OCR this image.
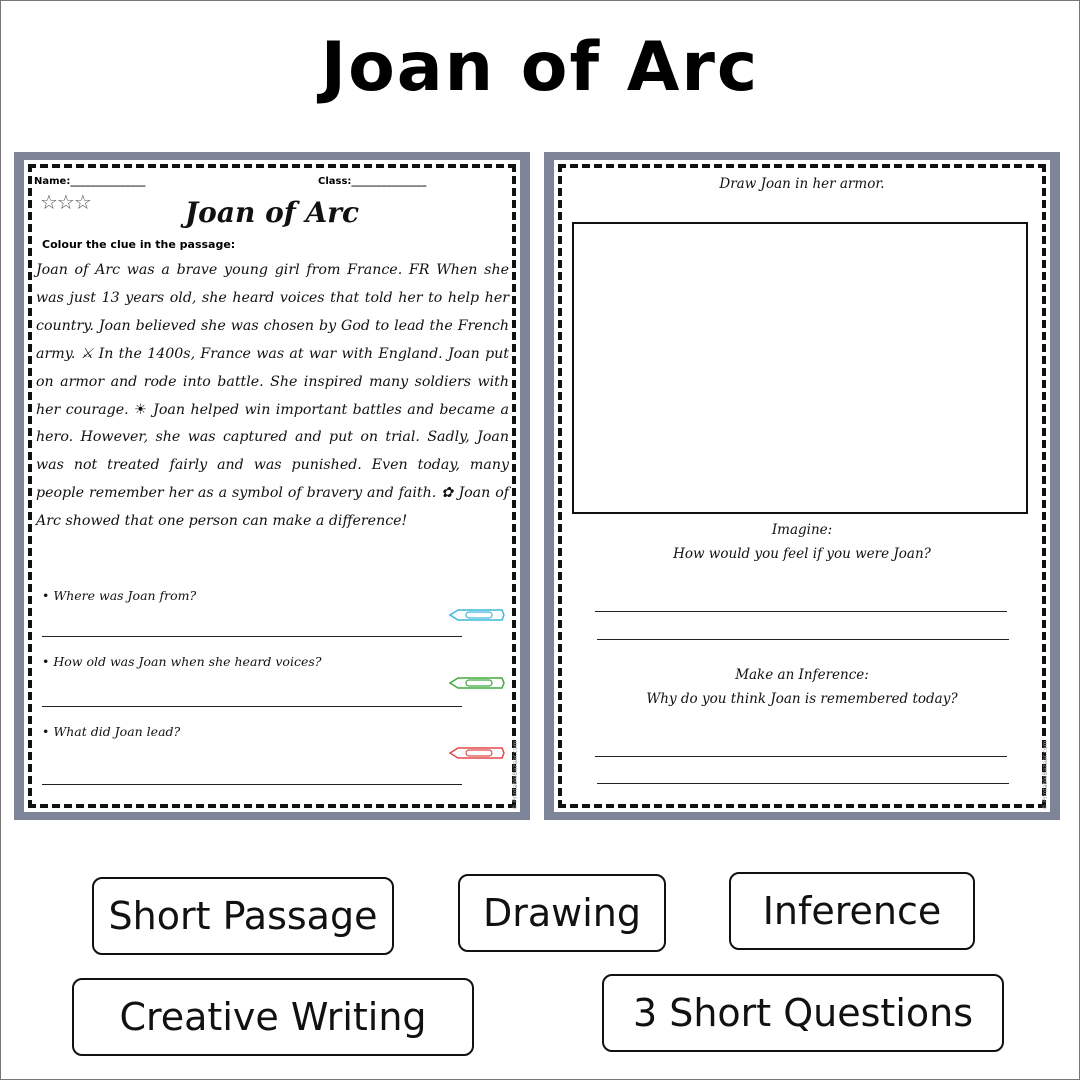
Joan of Arc
Name:_______________	Class:_______________
☆☆☆	Joan of Arc
Colour the clue in the passage:
Joan of Arc was a brave young girl from France. FR When she was just 13 years old, she heard voices that told her to help her country. Joan believed she was chosen by God to lead the French army. ⚔ In the 1400s, France was at war with England. Joan put on armor and rode into battle. She inspired many soldiers with her courage. ☀ Joan helped win important battles and became a hero. However, she was captured and put on trial. Sadly, Joan was not treated fairly and was punished. Even today, many people remember her as a symbol of bravery and faith. ✿ Joan of Arc showed that one person can make a difference!
• Where was Joan from?
• How old was Joan when she heard voices?
• What did Joan lead?
© PrintableBazaar.com
Draw Joan in her armor.
Imagine:
How would you feel if you were Joan?
Make an Inference:
Why do you think Joan is remembered today?
© PrintableBazaar.com
Short Passage	Drawing	Inference
Creative Writing	3 Short Questions
